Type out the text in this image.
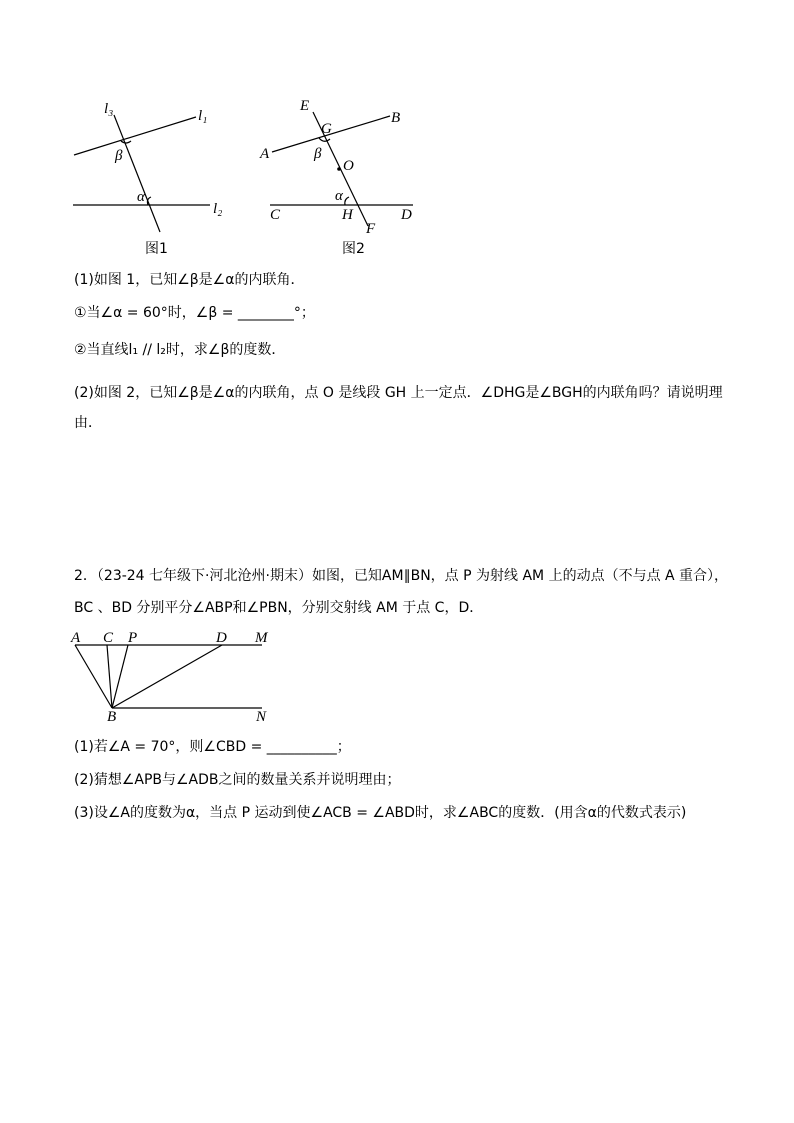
l₃	l₁
l₂
β
α
图1
E
B
G
A	β
O
α
C	H	D
F
图2
A C P	D M
B	N
(1)如图 1，已知∠β是∠α的内联角．
①当∠α = 60°时，∠β = ________°；
②当直线l₁ // l₂时，求∠β的度数．
(2)如图 2，已知∠β是∠α的内联角，点 O 是线段 GH 上一定点．∠DHG是∠BGH的内联角吗？请说明理由．
2．（23-24 七年级下·河北沧州·期末）如图，已知AM∥BN，点 P 为射线 AM 上的动点（不与点 A 重合），
BC 、BD 分别平分∠ABP和∠PBN，分别交射线 AM 于点 C，D．
(1)若∠A = 70°，则∠CBD = __________；
(2)猜想∠APB与∠ADB之间的数量关系并说明理由；
(3)设∠A的度数为α，当点 P 运动到使∠ACB = ∠ABD时，求∠ABC的度数．(用含α的代数式表示)
